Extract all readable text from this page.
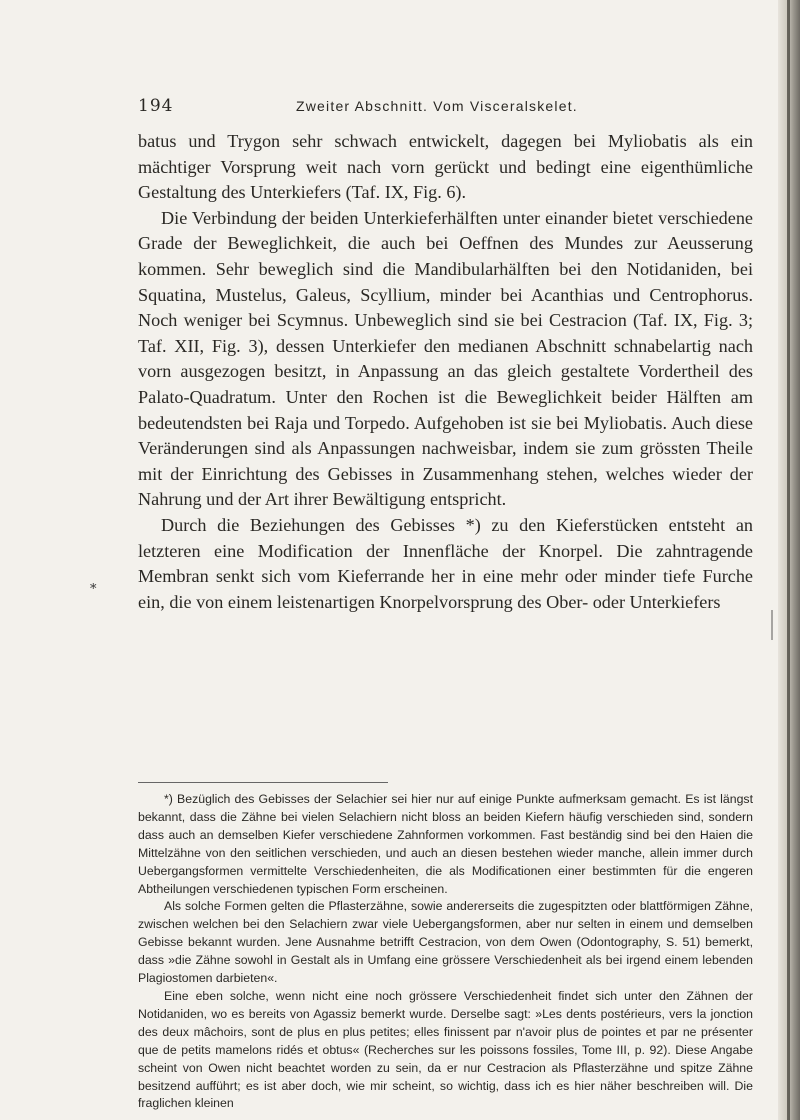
194	Zweiter Abschnitt. Vom Visceralskelet.

batus und Trygon sehr schwach entwickelt, dagegen bei Myliobatis als ein mächtiger Vorsprung weit nach vorn gerückt und bedingt eine eigenthümliche Gestaltung des Unterkiefers (Taf. IX, Fig. 6).

Die Verbindung der beiden Unterkieferhälften unter einander bietet verschiedene Grade der Beweglichkeit, die auch bei Oeffnen des Mundes zur Aeusserung kommen. Sehr beweglich sind die Mandibularhälften bei den Notidaniden, bei Squatina, Mustelus, Galeus, Scyllium, minder bei Acanthias und Centrophorus. Noch weniger bei Scymnus. Unbeweglich sind sie bei Cestracion (Taf. IX, Fig. 3; Taf. XII, Fig. 3), dessen Unterkiefer den medianen Abschnitt schnabelartig nach vorn ausgezogen besitzt, in Anpassung an das gleich gestaltete Vordertheil des Palato-Quadratum. Unter den Rochen ist die Beweglichkeit beider Hälften am bedeutendsten bei Raja und Torpedo. Aufgehoben ist sie bei Myliobatis. Auch diese Veränderungen sind als Anpassungen nachweisbar, indem sie zum grössten Theile mit der Einrichtung des Gebisses in Zusammenhang stehen, welches wieder der Nahrung und der Art ihrer Bewältigung entspricht.

Durch die Beziehungen des Gebisses *) zu den Kieferstücken entsteht an letzteren eine Modification der Innenfläche der Knorpel. Die zahntragende Membran senkt sich vom Kieferrande her in eine mehr oder minder tiefe Furche ein, die von einem leistenartigen Knorpelvorsprung des Ober- oder Unterkiefers

*

*) Bezüglich des Gebisses der Selachier sei hier nur auf einige Punkte aufmerksam gemacht. Es ist längst bekannt, dass die Zähne bei vielen Selachiern nicht bloss an beiden Kiefern häufig verschieden sind, sondern dass auch an demselben Kiefer verschiedene Zahnformen vorkommen. Fast beständig sind bei den Haien die Mittelzähne von den seitlichen verschieden, und auch an diesen bestehen wieder manche, allein immer durch Uebergangsformen vermittelte Verschiedenheiten, die als Modificationen einer bestimmten für die engeren Abtheilungen verschiedenen typischen Form erscheinen.

Als solche Formen gelten die Pflasterzähne, sowie andererseits die zugespitzten oder blattförmigen Zähne, zwischen welchen bei den Selachiern zwar viele Uebergangsformen, aber nur selten in einem und demselben Gebisse bekannt wurden. Jene Ausnahme betrifft Cestracion, von dem Owen (Odontography, S. 51) bemerkt, dass »die Zähne sowohl in Gestalt als in Umfang eine grössere Verschiedenheit als bei irgend einem lebenden Plagiostomen darbieten«.

Eine eben solche, wenn nicht eine noch grössere Verschiedenheit findet sich unter den Zähnen der Notidaniden, wo es bereits von Agassiz bemerkt wurde. Derselbe sagt: »Les dents postérieurs, vers la jonction des deux mâchoirs, sont de plus en plus petites; elles finissent par n'avoir plus de pointes et par ne présenter que de petits mamelons ridés et obtus« (Recherches sur les poissons fossiles, Tome III, p. 92). Diese Angabe scheint von Owen nicht beachtet worden zu sein, da er nur Cestracion als Pflasterzähne und spitze Zähne besitzend aufführt; es ist aber doch, wie mir scheint, so wichtig, dass ich es hier näher beschreiben will. Die fraglichen kleinen
